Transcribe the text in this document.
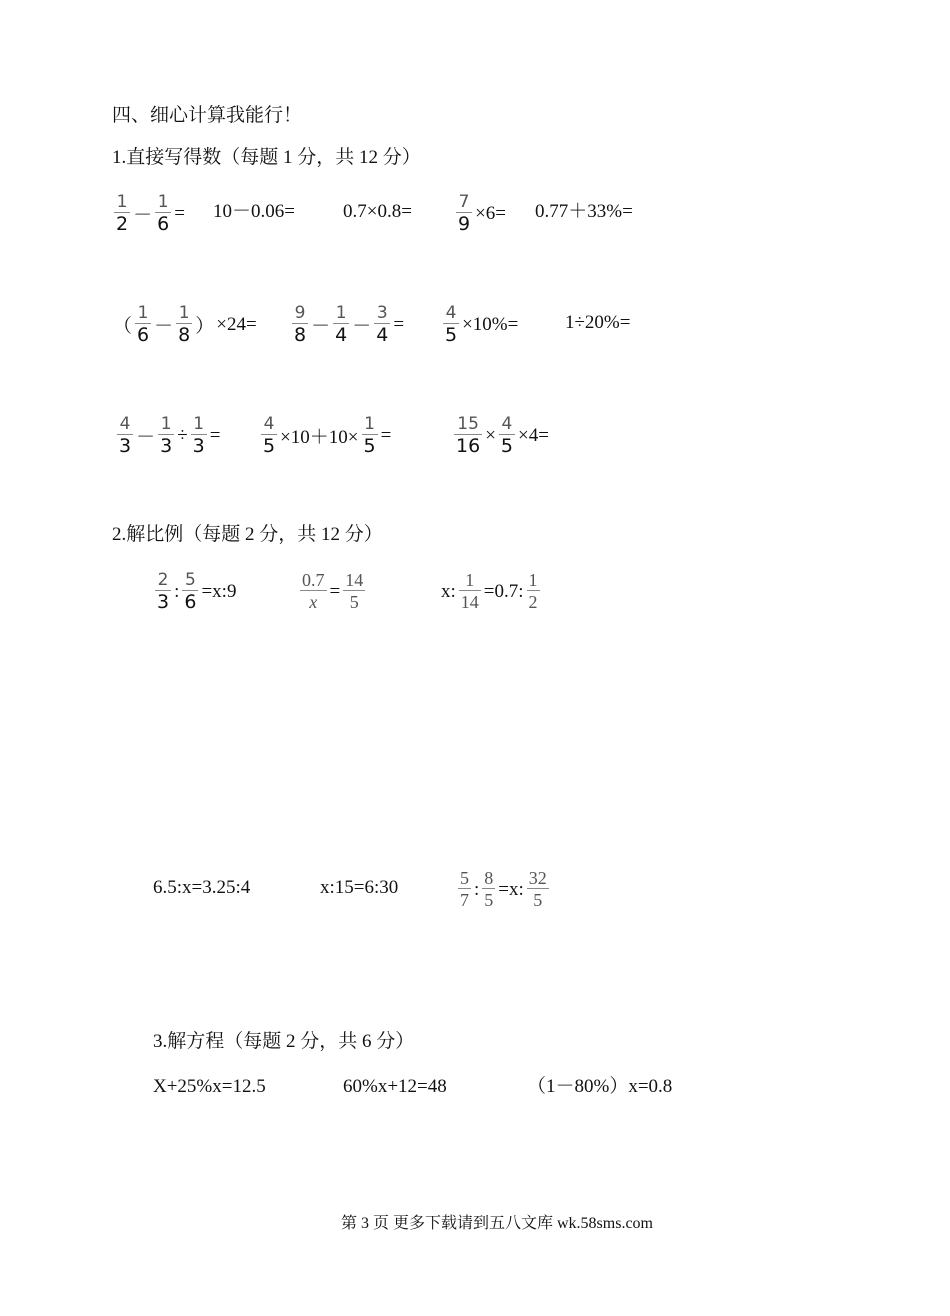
四、细心计算我能行！
1.直接写得数（每题 1 分，共 12 分）
$\frac{1}{2} - \frac{1}{6} = 10-0.06=$	0.7×0.8=	$\frac{7}{9} \times 6= 0.77+33\%=$
（ $\frac{1}{6} - \frac{1}{8}$ ） $\times 24= \frac{9}{8} - \frac{1}{4} - \frac{3}{4} = \frac{4}{5} \times 10\%= 1\div 20\%=$
$\frac{4}{3} - \frac{1}{3} \div \frac{1}{3} = \frac{4}{5} \times 10+10\times \frac{1}{5}$ =	$\frac{15}{16} \times \frac{4}{5} \times 4=$
2.解比例（每题 2 分，共 12 分）
$\frac{2}{3}$ : $\frac{5}{6}$ =x:9	$\frac{0.7}{x} = \frac{14}{5}$	x: $\frac{1}{14} =0.7$: $\frac{1}{2}$
6.5:x=3.25:4	x:15=6:30	$\frac{5}{7}$ : $\frac{8}{5} =x$: $\frac{32}{5}$
3.解方程（每题 2 分，共 6 分）
X+25%x=12.5	60%x+12=48	（1－80%）x=0.8
第 3 页 更多下载请到五八文库 wk.58sms.com
